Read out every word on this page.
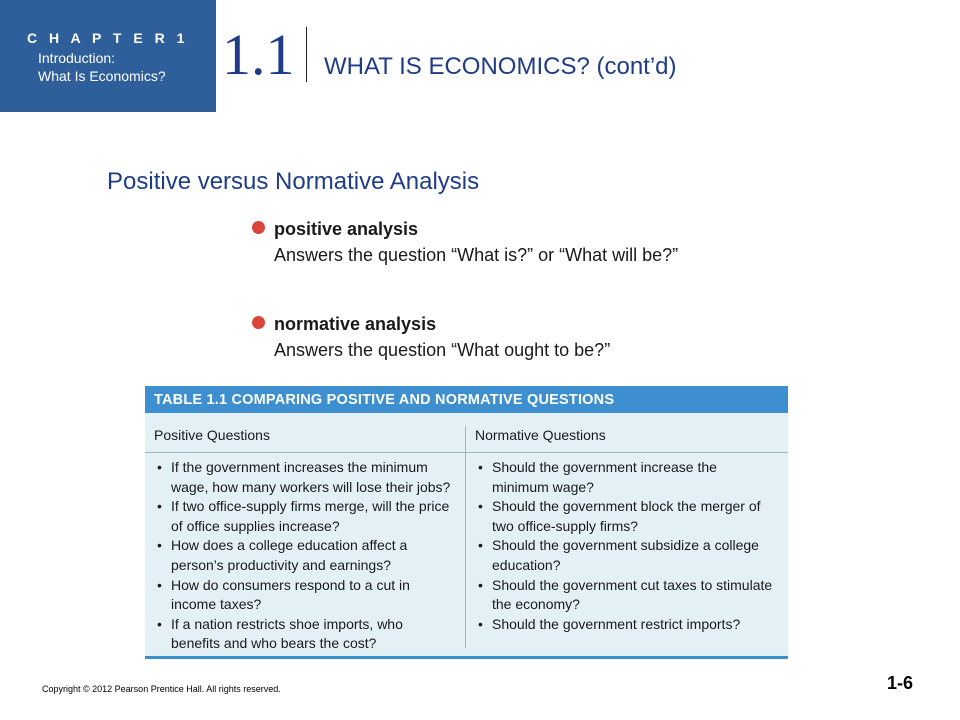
C H A P T E R 1
Introduction:
What Is Economics? 1.1 WHAT IS ECONOMICS? (cont’d)
Positive versus Normative Analysis
positive analysis
Answers the question “What is?” or “What will be?”
normative analysis
Answers the question “What ought to be?”
TABLE 1.1 COMPARING POSITIVE AND NORMATIVE QUESTIONS
Positive Questions	Normative Questions
• If the government increases the minimum wage, how many workers will lose their jobs?
• If two office-supply firms merge, will the price of office supplies increase?
• How does a college education affect a person’s productivity and earnings?
• How do consumers respond to a cut in income taxes?
• If a nation restricts shoe imports, who benefits and who bears the cost?
• Should the government increase the minimum wage?
• Should the government block the merger of two office-supply firms?
• Should the government subsidize a college education?
• Should the government cut taxes to stimulate the economy?
• Should the government restrict imports?
Copyright © 2012 Pearson Prentice Hall. All rights reserved.	1-6
